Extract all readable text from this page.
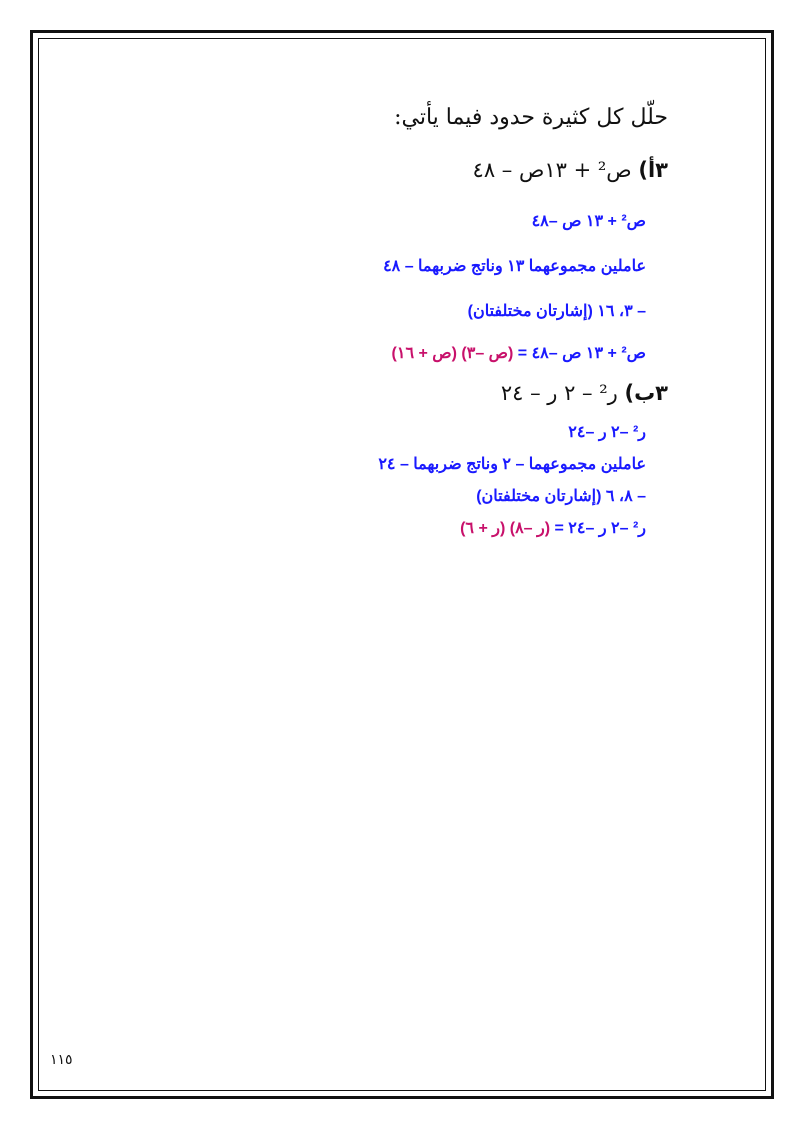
حلّل كل كثيرة حدود فيما يأتي:
٣أ) ص² + ١٣ص – ٤٨
ص² + ١٣ ص –٤٨
عاملين مجموعهما ١٣ وناتج ضربهما – ٤٨
– ٣، ١٦ (إشارتان مختلفتان)
ص² + ١٣ ص –٤٨ = (ص –٣) (ص + ١٦)
٣ب) ر² – ٢ ر – ٢٤
ر² –٢ ر –٢٤
عاملين مجموعهما – ٢ وناتج ضربهما – ٢٤
– ٨، ٦ (إشارتان مختلفتان)
ر² –٢ ر –٢٤ = (ر –٨) (ر + ٦)
١١٥
